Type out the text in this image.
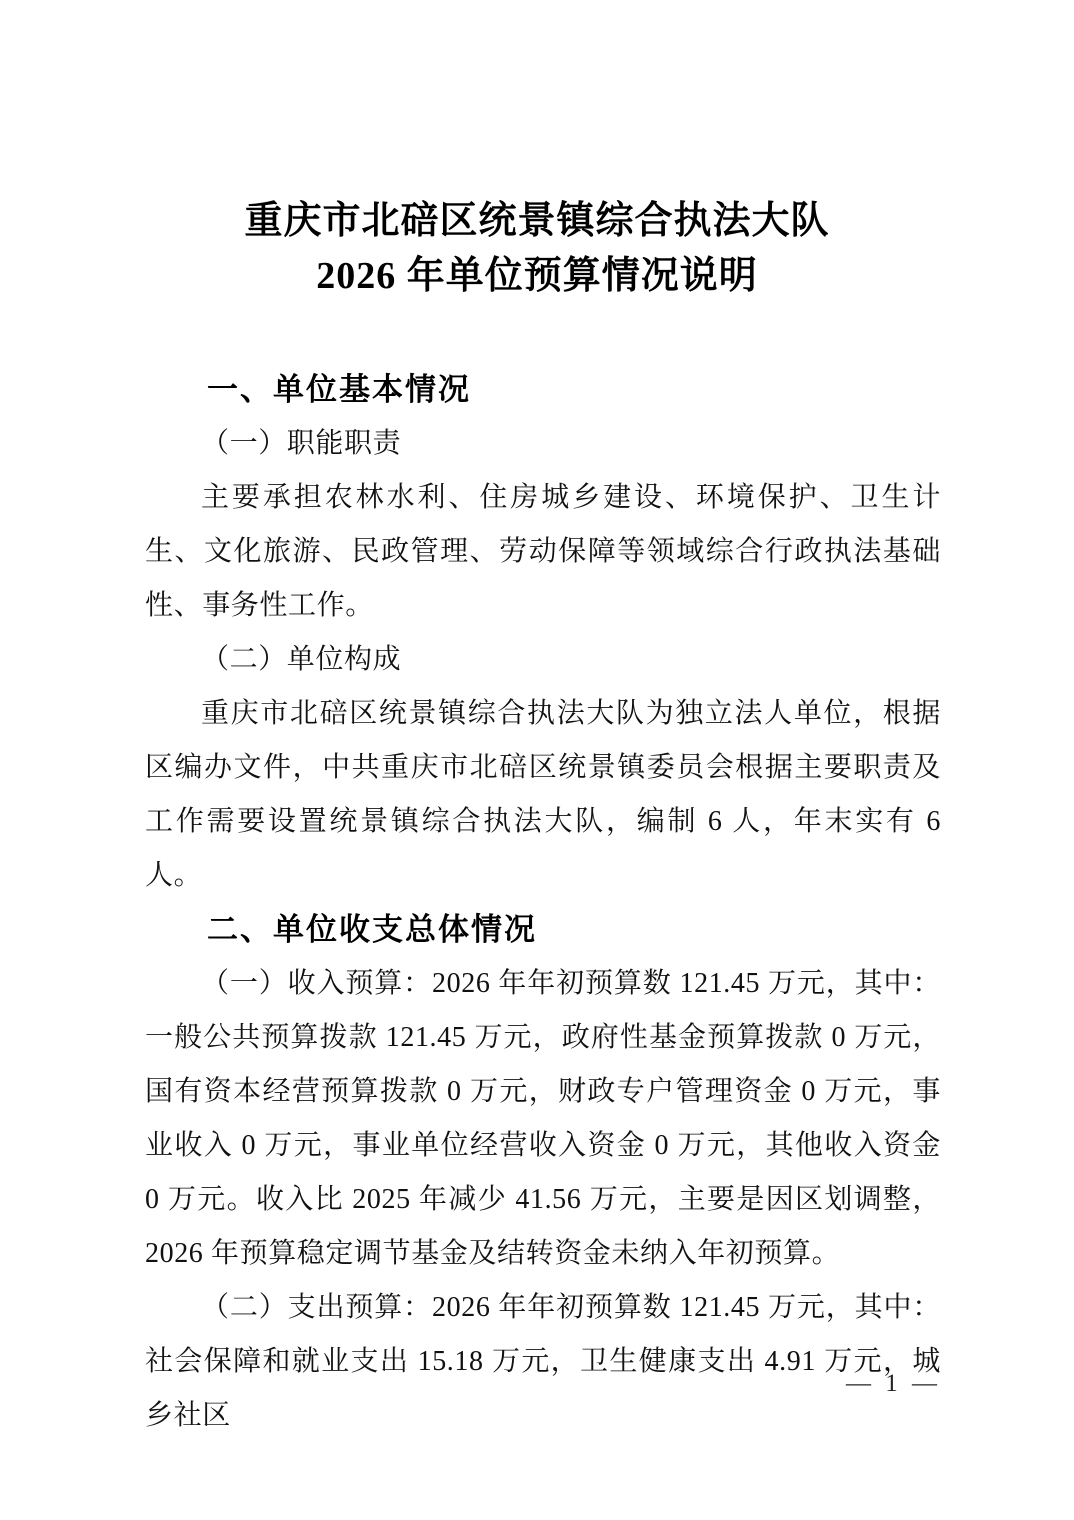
重庆市北碚区统景镇综合执法大队
2026 年单位预算情况说明

一、单位基本情况

（一）职能职责

主要承担农林水利、住房城乡建设、环境保护、卫生计生、文化旅游、民政管理、劳动保障等领域综合行政执法基础性、事务性工作。

（二）单位构成

重庆市北碚区统景镇综合执法大队为独立法人单位，根据区编办文件，中共重庆市北碚区统景镇委员会根据主要职责及工作需要设置统景镇综合执法大队，编制 6 人，年末实有 6 人。

二、单位收支总体情况

（一）收入预算：2026 年年初预算数 121.45 万元，其中：一般公共预算拨款 121.45 万元，政府性基金预算拨款 0 万元，国有资本经营预算拨款 0 万元，财政专户管理资金 0 万元，事业收入 0 万元，事业单位经营收入资金 0 万元，其他收入资金 0 万元。收入比 2025 年减少 41.56 万元，主要是因区划调整，2026 年预算稳定调节基金及结转资金未纳入年初预算。

（二）支出预算：2026 年年初预算数 121.45 万元，其中：社会保障和就业支出 15.18 万元，卫生健康支出 4.91 万元，城乡社区

— 1 —
